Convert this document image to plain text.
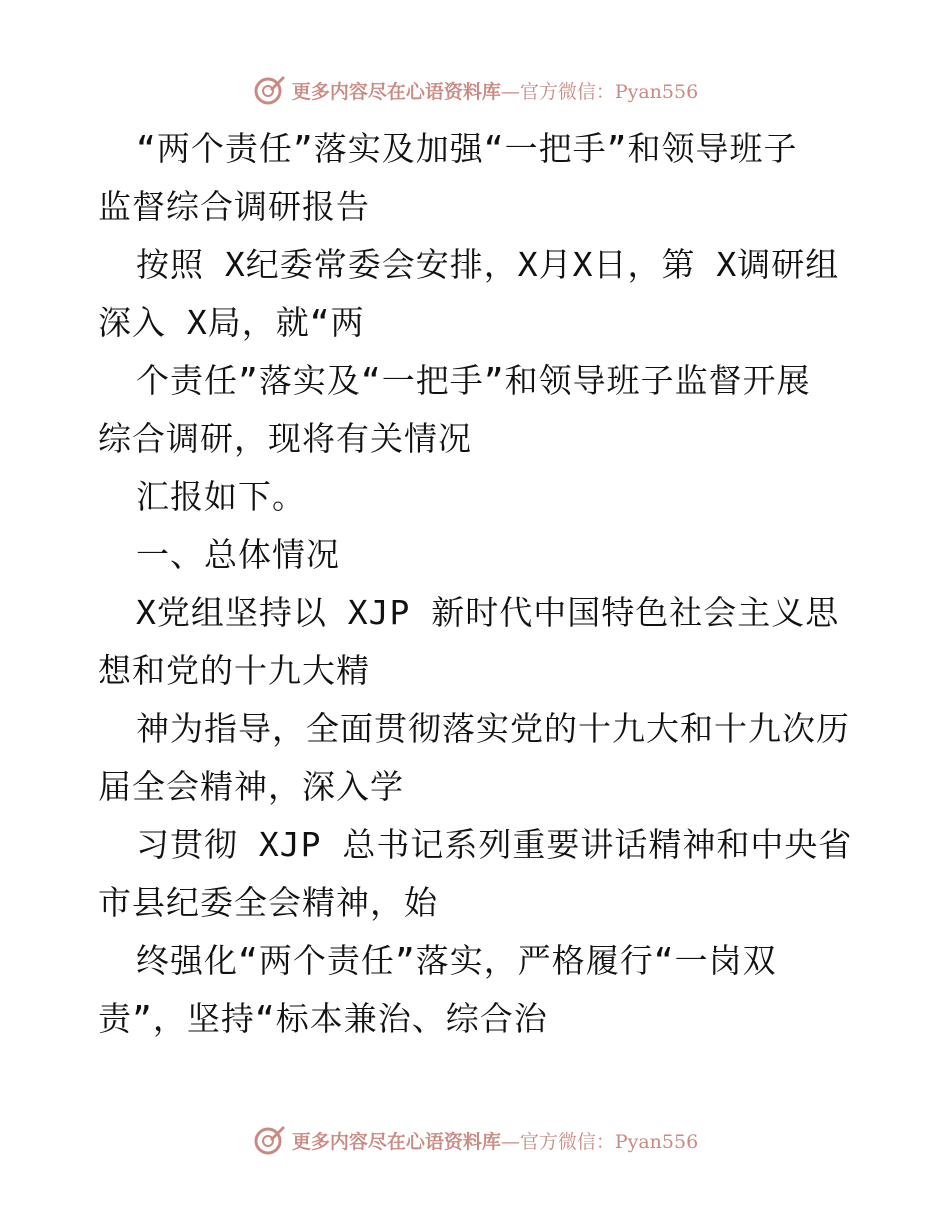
更多内容尽在心语资料库—官方微信：Pyan556
“两个责任”落实及加强“一把手”和领导班子
监督综合调研报告
按照 X纪委常委会安排，X月X日，第 X调研组
深入 X局，就“两
个责任”落实及“一把手”和领导班子监督开展
综合调研，现将有关情况
汇报如下。
一、总体情况
X党组坚持以 XJP 新时代中国特色社会主义思
想和党的十九大精
神为指导，全面贯彻落实党的十九大和十九次历
届全会精神，深入学
习贯彻 XJP 总书记系列重要讲话精神和中央省
市县纪委全会精神，始
终强化“两个责任”落实，严格履行“一岗双
责”，坚持“标本兼治、综合治
更多内容尽在心语资料库—官方微信：Pyan556
